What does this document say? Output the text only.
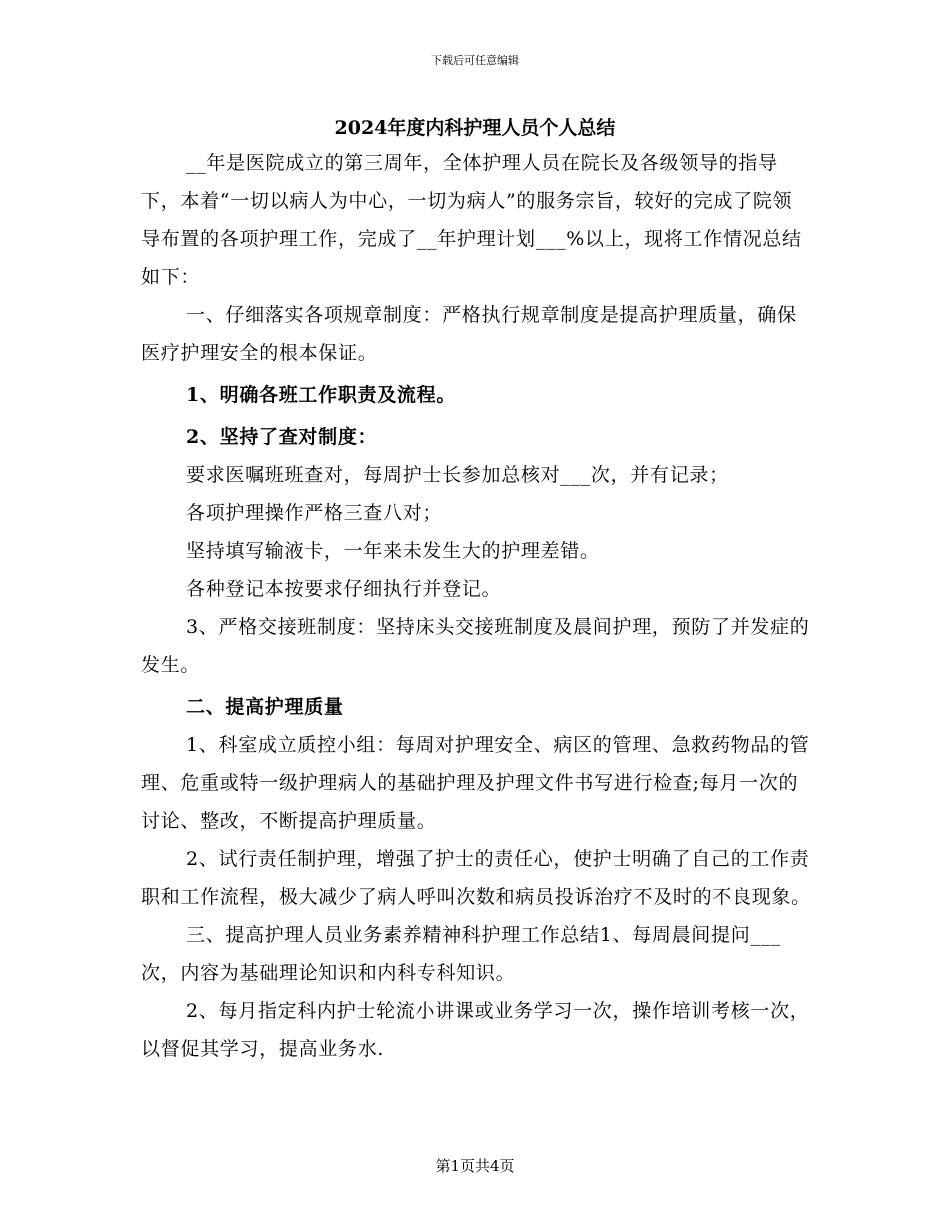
下载后可任意编辑
2024年度内科护理人员个人总结

__年是医院成立的第三周年，全体护理人员在院长及各级领导的指导下，本着“一切以病人为中心，一切为病人”的服务宗旨，较好的完成了院领导布置的各项护理工作，完成了__年护理计划___%以上，现将工作情况总结如下：

一、仔细落实各项规章制度：严格执行规章制度是提高护理质量，确保医疗护理安全的根本保证。

1、明确各班工作职责及流程。

2、坚持了查对制度：

要求医嘱班班查对，每周护士长参加总核对___次，并有记录；

各项护理操作严格三查八对；

坚持填写输液卡，一年来未发生大的护理差错。

各种登记本按要求仔细执行并登记。

3、严格交接班制度：坚持床头交接班制度及晨间护理，预防了并发症的发生。

二、提高护理质量

1、科室成立质控小组：每周对护理安全、病区的管理、急救药物品的管理、危重或特一级护理病人的基础护理及护理文件书写进行检查;每月一次的讨论、整改，不断提高护理质量。

2、试行责任制护理，增强了护士的责任心，使护士明确了自己的工作责职和工作流程，极大减少了病人呼叫次数和病员投诉治疗不及时的不良现象。

三、提高护理人员业务素养精神科护理工作总结1、每周晨间提问___次，内容为基础理论知识和内科专科知识。

2、每月指定科内护士轮流小讲课或业务学习一次，操作培训考核一次，以督促其学习，提高业务水.

第1页共4页
